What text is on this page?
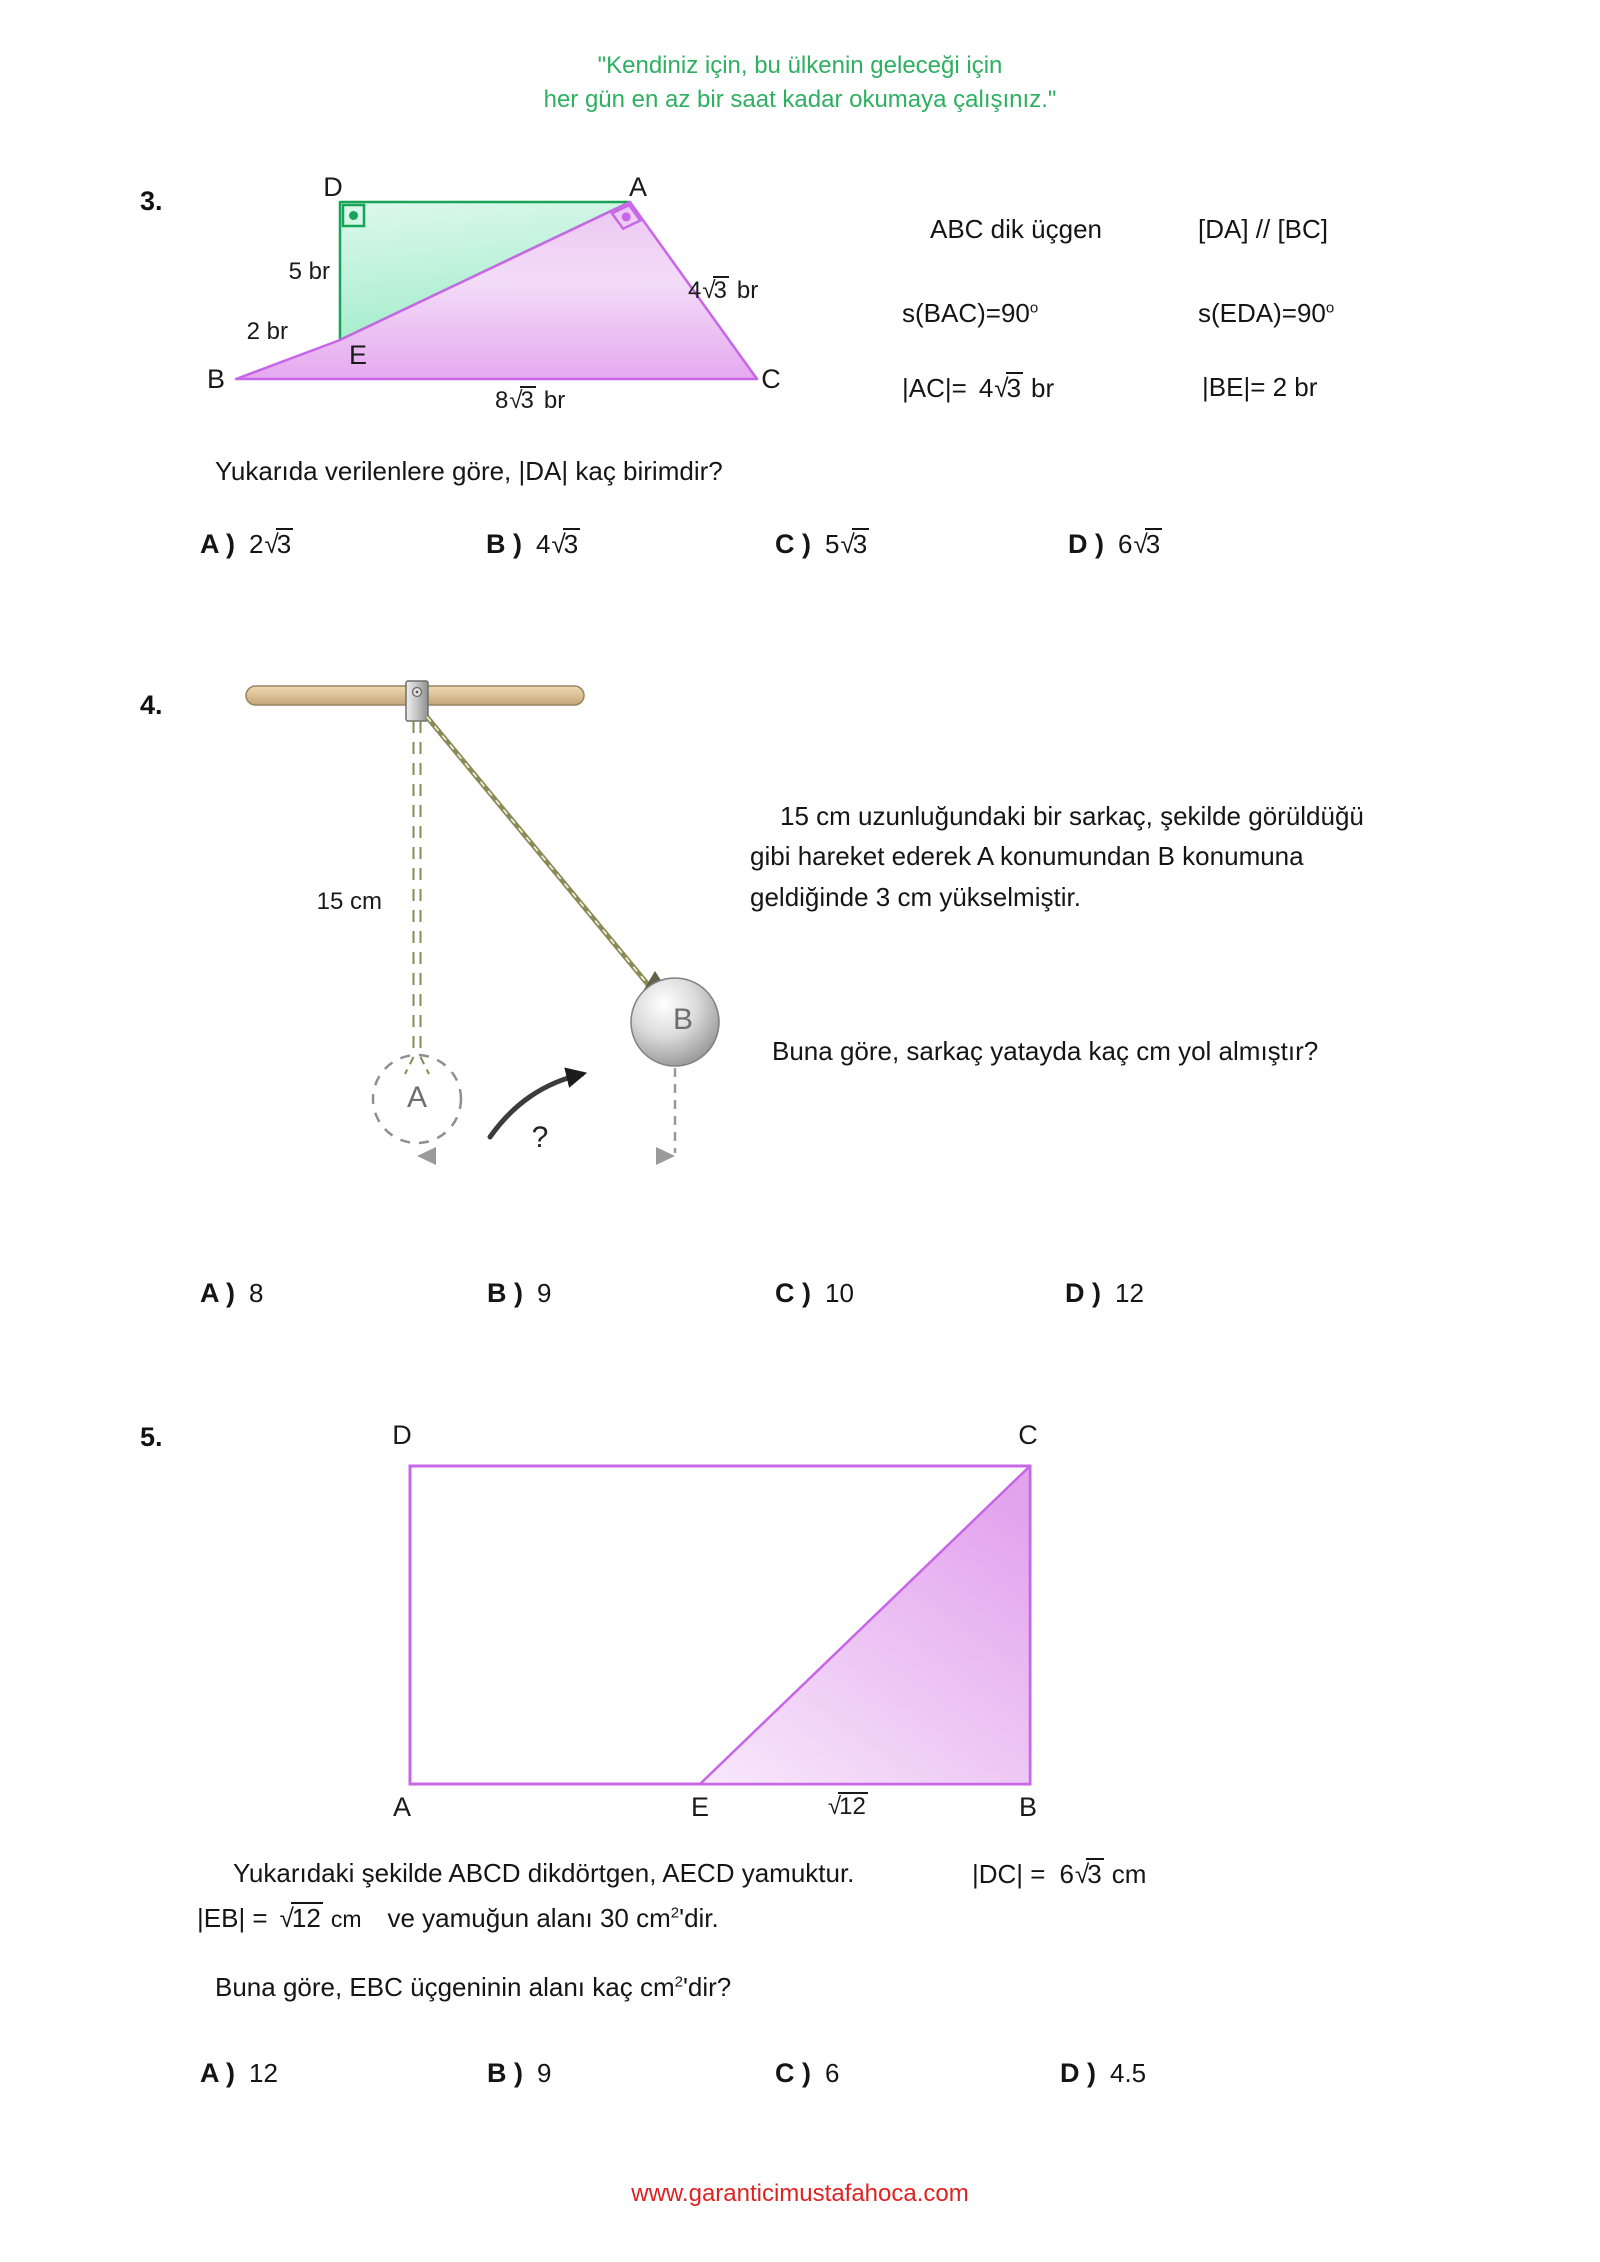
"Kendiniz için, bu ülkenin geleceği için
her gün en az bir saat kadar okumaya çalışınız."
3.	D	A
B	C
E
5 br
2 br
4 √ 3 br
8 √ 3 br
ABC dik üçgen	[DA] // [BC]
$s(BAC)=90^o$	$s(EDA)=90^o$
|AC|= 4 √ 3 br	|BE|= 2 br
Yukarıda verilenlere göre, |DA| kaç birimdir?
A ) 2 √ 3	B ) 4 √ 3	C ) 5 √ 3	D ) 6 √ 3
4.
15 cm
A
B
?
15 cm uzunluğundaki bir sarkaç, şekilde görüldüğü
gibi hareket ederek A konumundan B konumuna
geldiğinde 3 cm yükselmiştir.
Buna göre, sarkaç yatayda kaç cm yol almıştır?
A ) 8	B ) 9	C ) 10	D ) 12
5.	D	C
A	E	B
√ 12
Yukarıdaki şekilde ABCD dikdörtgen, AECD yamuktur.	|DC| = 6 √ 3 cm
|EB| = √ 12 cm ve yamuğun alanı 30 $cm^2'dir$.
Buna göre, EBC üçgeninin alanı kaç $cm^2'dir$?
A ) 12	B ) 9	C ) 6	D ) 4.5
www.garanticimustafahoca.com
